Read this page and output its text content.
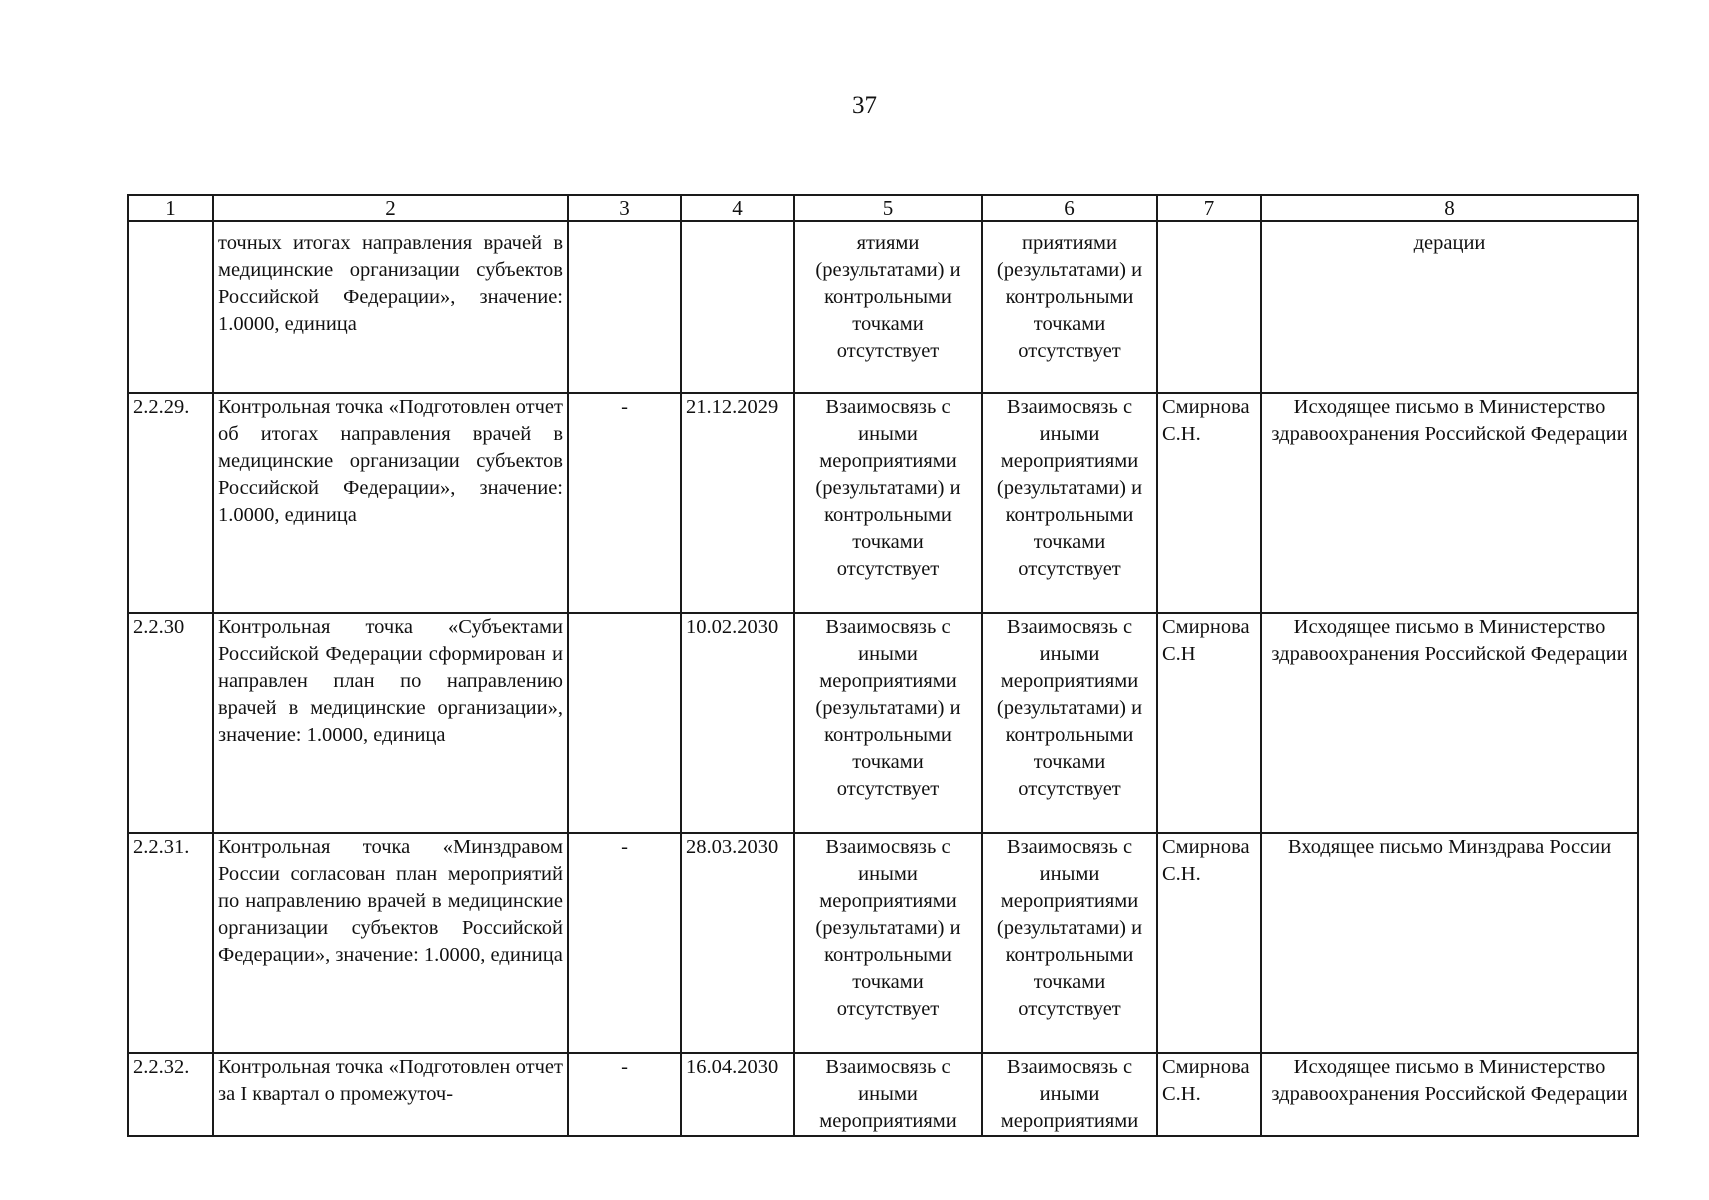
37
1	2	3	4	5	6	7	8
	точных итогах направления врачей в медицинские организации субъектов Российской Федерации», значение: 1.0000, единица			ятиями (результатами) и контрольными точками отсутствует	приятиями (результатами) и контрольными точками отсутствует		дерации
2.2.29.	Контрольная точка «Подготовлен отчет об итогах направления врачей в медицинские организации субъектов Российской Федерации», значение: 1.0000, единица	-	21.12.2029	Взаимосвязь с иными мероприятиями (результатами) и контрольными точками отсутствует	Взаимосвязь с иными мероприятиями (результатами) и контрольными точками отсутствует	Смирнова С.Н.	Исходящее письмо в Министерство здравоохранения Российской Федерации
2.2.30	Контрольная точка «Субъектами Российской Федерации сформирован и направлен план по направлению врачей в медицинские организации», значение: 1.0000, единица		10.02.2030	Взаимосвязь с иными мероприятиями (результатами) и контрольными точками отсутствует	Взаимосвязь с иными мероприятиями (результатами) и контрольными точками отсутствует	Смирнова С.Н	Исходящее письмо в Министерство здравоохранения Российской Федерации
2.2.31.	Контрольная точка «Минздравом России согласован план мероприятий по направлению врачей в медицинские организации субъектов Российской Федерации», значение: 1.0000, единица	-	28.03.2030	Взаимосвязь с иными мероприятиями (результатами) и контрольными точками отсутствует	Взаимосвязь с иными мероприятиями (результатами) и контрольными точками отсутствует	Смирнова С.Н.	Входящее письмо Минздрава России
2.2.32.	Контрольная точка «Подготовлен отчет за I квартал о промежуточ-	-	16.04.2030	Взаимосвязь с иными мероприятиями	Взаимосвязь с иными мероприятиями	Смирнова С.Н.	Исходящее письмо в Министерство здравоохранения Российской Федерации
